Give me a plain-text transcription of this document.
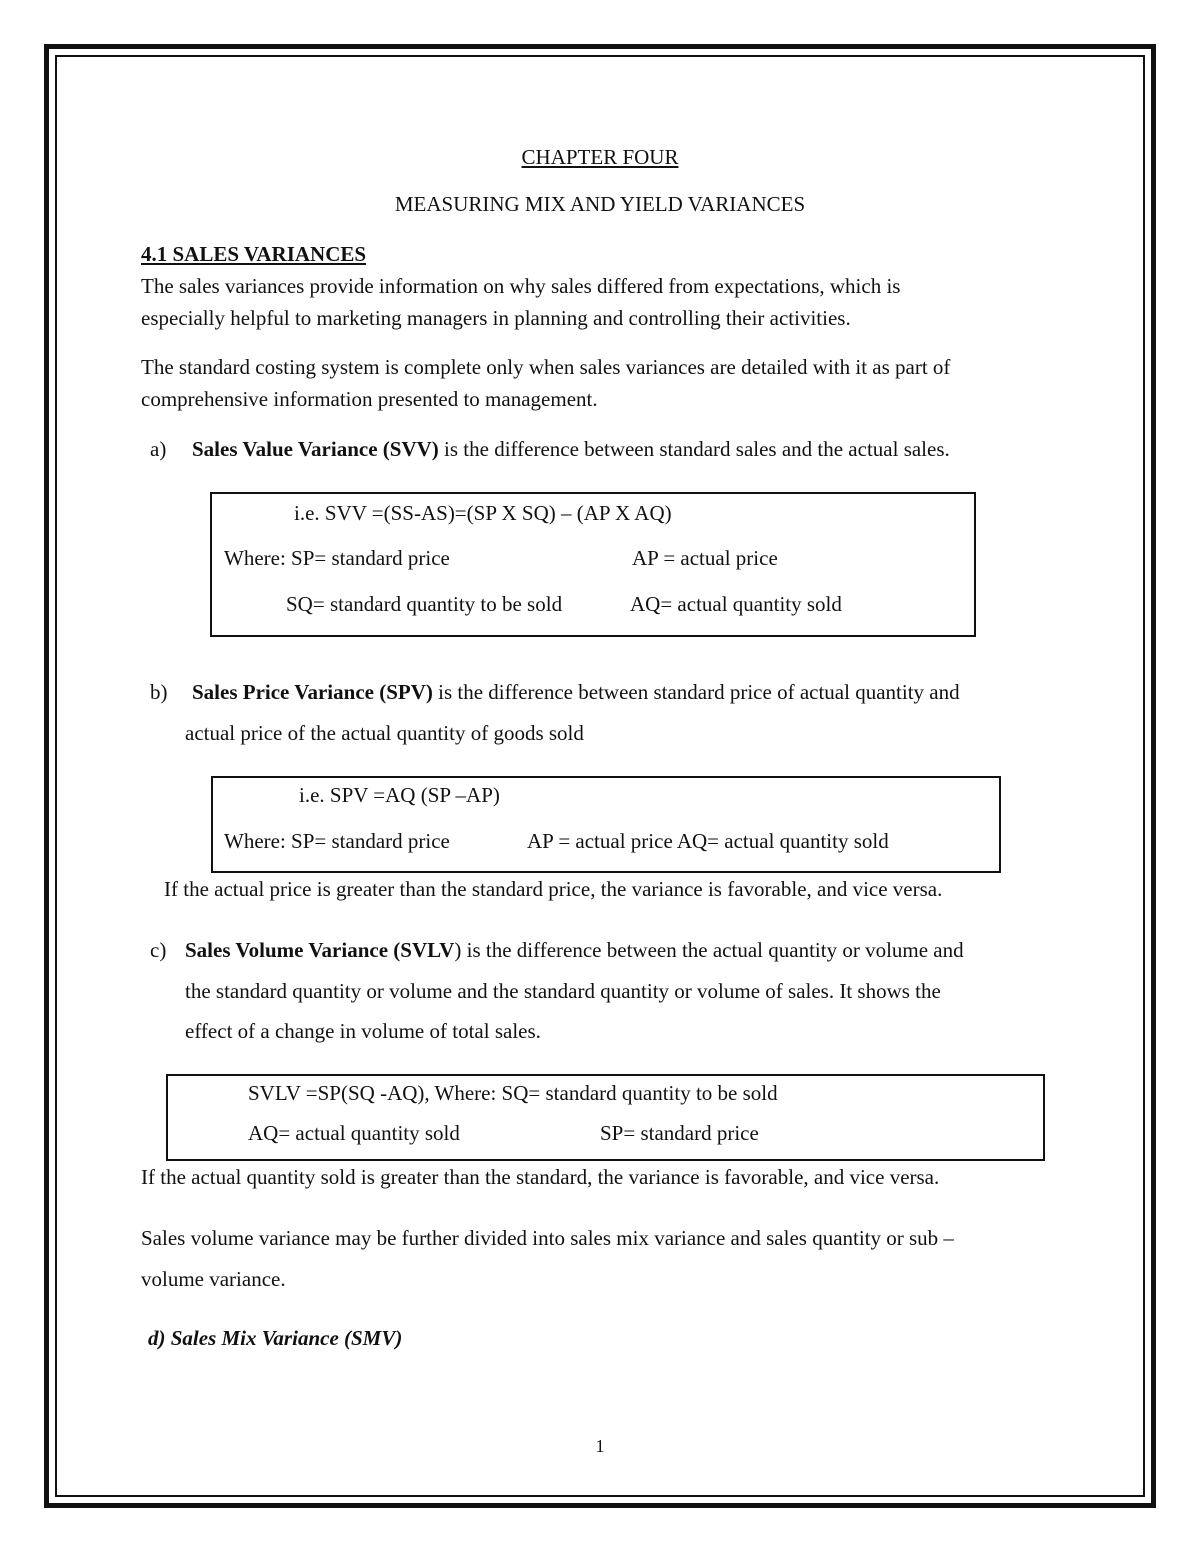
CHAPTER FOUR
MEASURING MIX AND YIELD VARIANCES
4.1 SALES VARIANCES
The sales variances provide information on why sales differed from expectations, which is
especially helpful to marketing managers in planning and controlling their activities.
The standard costing system is complete only when sales variances are detailed with it as part of
comprehensive information presented to management.
a) Sales Value Variance (SVV) is the difference between standard sales and the actual sales.
i.e. SVV =(SS-AS)=(SP X SQ) – (AP X AQ)
Where: SP= standard price	AP = actual price
SQ= standard quantity to be sold	AQ= actual quantity sold
b) Sales Price Variance (SPV) is the difference between standard price of actual quantity and
actual price of the actual quantity of goods sold
i.e. SPV =AQ (SP –AP)
Where: SP= standard price	AP = actual price AQ= actual quantity sold
If the actual price is greater than the standard price, the variance is favorable, and vice versa.
c) Sales Volume Variance (SVLV) is the difference between the actual quantity or volume and
the standard quantity or volume and the standard quantity or volume of sales. It shows the
effect of a change in volume of total sales.
SVLV =SP(SQ -AQ), Where: SQ= standard quantity to be sold
AQ= actual quantity sold	SP= standard price
If the actual quantity sold is greater than the standard, the variance is favorable, and vice versa.
Sales volume variance may be further divided into sales mix variance and sales quantity or sub –
volume variance.
d) Sales Mix Variance (SMV)
1
